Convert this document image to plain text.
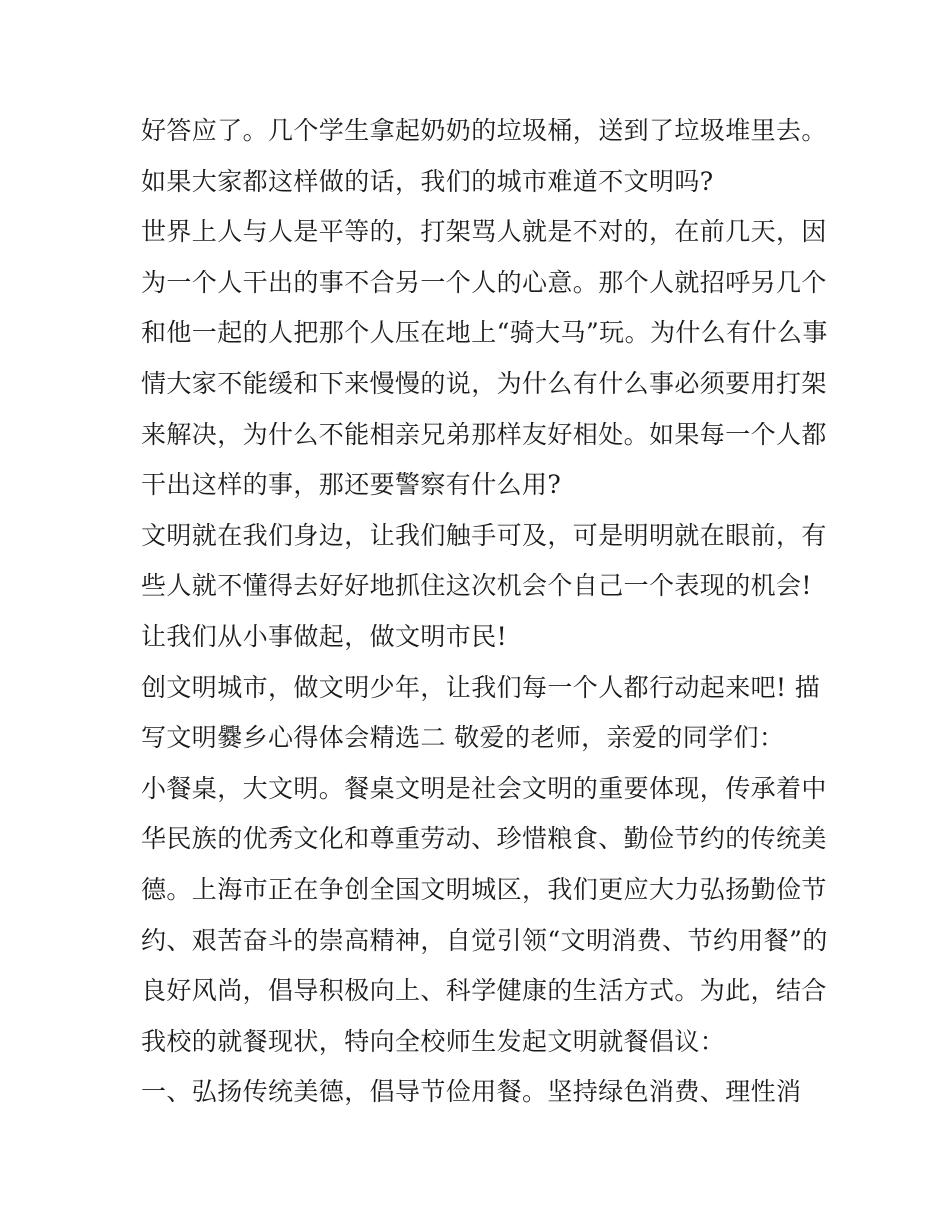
好答应了。几个学生拿起奶奶的垃圾桶，送到了垃圾堆里去。
如果大家都这样做的话，我们的城市难道不文明吗?
世界上人与人是平等的，打架骂人就是不对的，在前几天，因
为一个人干出的事不合另一个人的心意。那个人就招呼另几个
和他一起的人把那个人压在地上“骑大马”玩。为什么有什么事
情大家不能缓和下来慢慢的说，为什么有什么事必须要用打架
来解决，为什么不能相亲兄弟那样友好相处。如果每一个人都
干出这样的事，那还要警察有什么用?
文明就在我们身边，让我们触手可及，可是明明就在眼前，有
些人就不懂得去好好地抓住这次机会个自己一个表现的机会!
让我们从小事做起，做文明市民!
创文明城市，做文明少年，让我们每一个人都行动起来吧! 描
写文明爨乡心得体会精选二 敬爱的老师，亲爱的同学们：
小餐桌，大文明。餐桌文明是社会文明的重要体现，传承着中
华民族的优秀文化和尊重劳动、珍惜粮食、勤俭节约的传统美
德。上海市正在争创全国文明城区，我们更应大力弘扬勤俭节
约、艰苦奋斗的崇高精神，自觉引领“文明消费、节约用餐”的
良好风尚，倡导积极向上、科学健康的生活方式。为此，结合
我校的就餐现状，特向全校师生发起文明就餐倡议：
一、弘扬传统美德，倡导节俭用餐。坚持绿色消费、理性消
